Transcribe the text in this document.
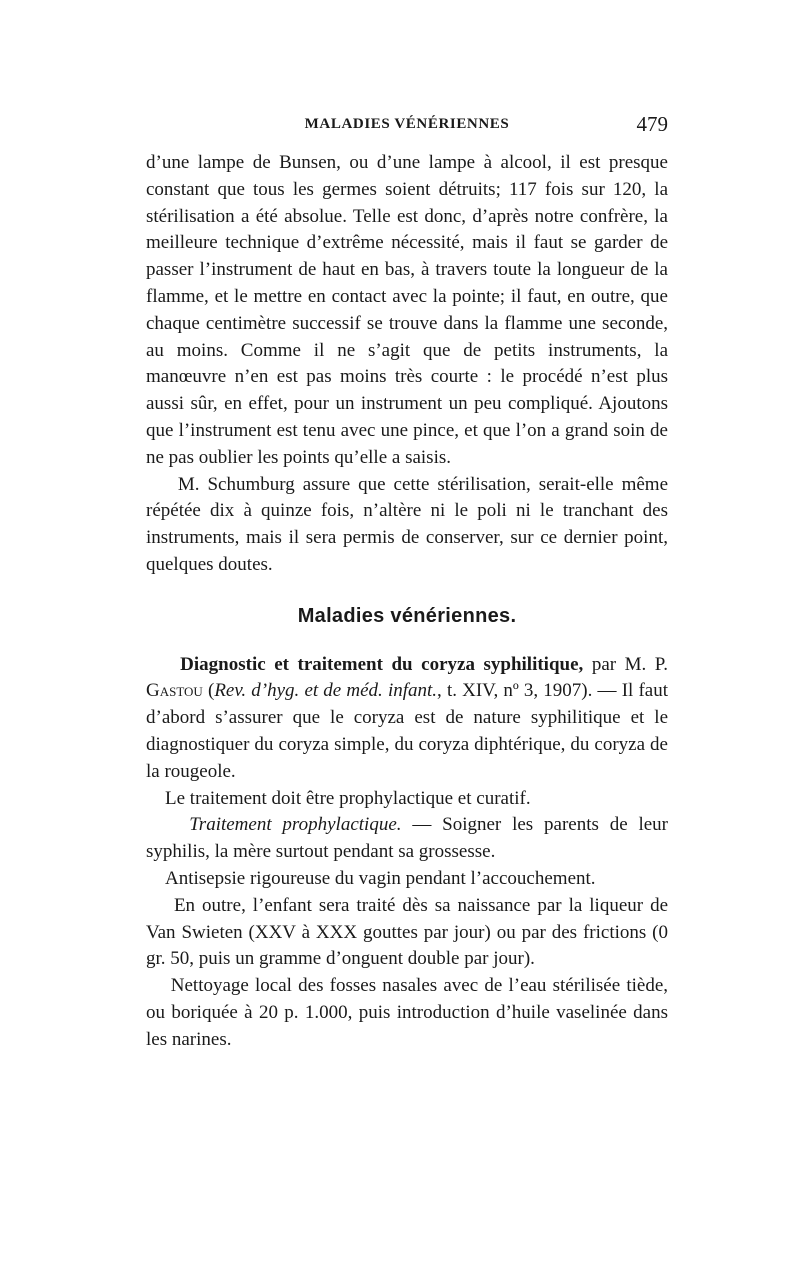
MALADIES VÉNÉRIENNES	479

d’une lampe de Bunsen, ou d’une lampe à alcool, il est presque constant que tous les germes soient détruits; 117 fois sur 120, la stérilisation a été absolue. Telle est donc, d’après notre confrère, la meilleure technique d’extrême nécessité, mais il faut se garder de passer l’instrument de haut en bas, à travers toute la longueur de la flamme, et le mettre en contact avec la pointe; il faut, en outre, que chaque centimètre successif se trouve dans la flamme une seconde, au moins. Comme il ne s’agit que de petits instruments, la manœuvre n’en est pas moins très courte : le procédé n’est plus aussi sûr, en effet, pour un instrument un peu compliqué. Ajoutons que l’instrument est tenu avec une pince, et que l’on a grand soin de ne pas oublier les points qu’elle a saisis.

M. Schumburg assure que cette stérilisation, serait-elle même répétée dix à quinze fois, n’altère ni le poli ni le tranchant des instruments, mais il sera permis de conserver, sur ce dernier point, quelques doutes.

Maladies vénériennes.

Diagnostic et traitement du coryza syphilitique, par M. P. Gastou (Rev. d’hyg. et de méd. infant., t. XIV, nº 3, 1907). — Il faut d’abord s’assurer que le coryza est de nature syphilitique et le diagnostiquer du coryza simple, du coryza diphtérique, du coryza de la rougeole.

Le traitement doit être prophylactique et curatif.

Traitement prophylactique. — Soigner les parents de leur syphilis, la mère surtout pendant sa grossesse.

Antisepsie rigoureuse du vagin pendant l’accouchement.

En outre, l’enfant sera traité dès sa naissance par la liqueur de Van Swieten (XXV à XXX gouttes par jour) ou par des frictions (0 gr. 50, puis un gramme d’onguent double par jour).

Nettoyage local des fosses nasales avec de l’eau stérilisée tiède, ou boriquée à 20 p. 1.000, puis introduction d’huile vaselinée dans les narines.
